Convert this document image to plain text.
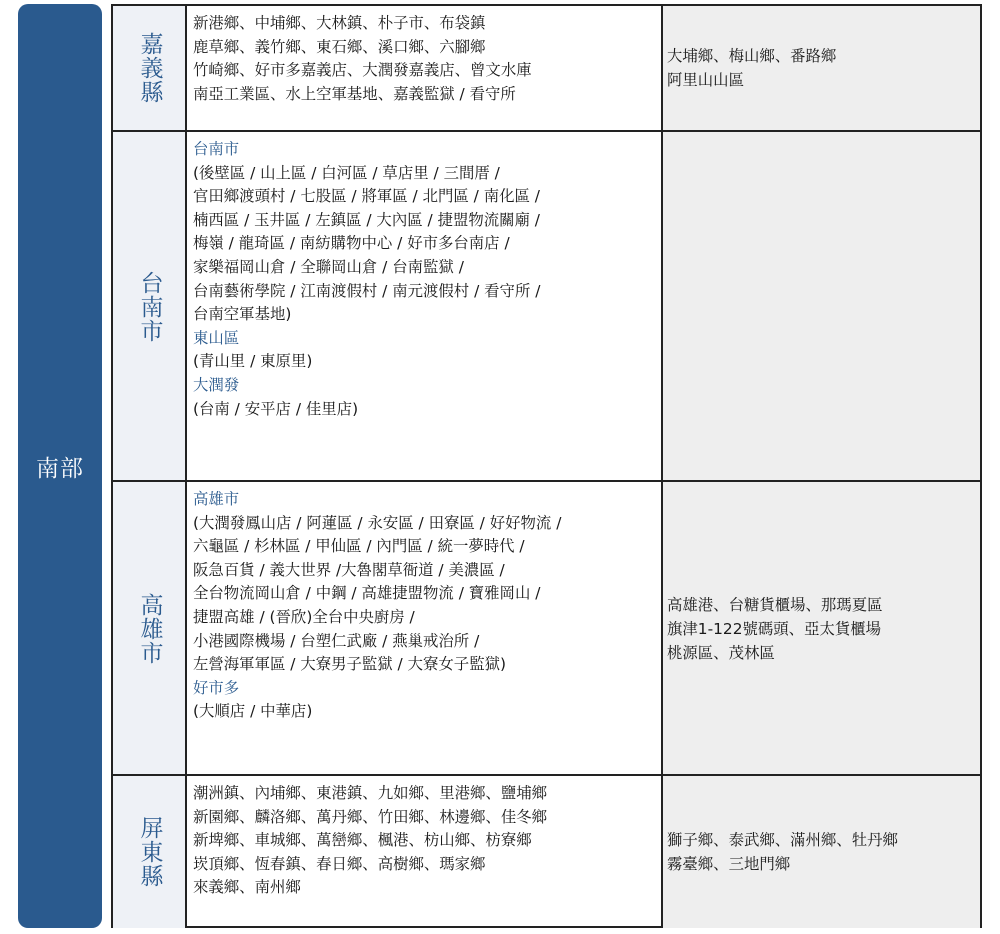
南部
嘉義縣
新港鄉、中埔鄉、大林鎮、朴子市、布袋鎮
鹿草鄉、義竹鄉、東石鄉、溪口鄉、六腳鄉
竹崎鄉、好市多嘉義店、大潤發嘉義店、曾文水庫
南亞工業區、水上空軍基地、嘉義監獄 / 看守所
大埔鄉、梅山鄉、番路鄉
阿里山山區
台南市
台南市
(後壁區 / 山上區 / 白河區 / 草店里 / 三間厝 /
官田鄉渡頭村 / 七股區 / 將軍區 / 北門區 / 南化區 /
楠西區 / 玉井區 / 左鎮區 / 大內區 / 捷盟物流關廟 /
梅嶺 / 龍琦區 / 南紡購物中心 / 好市多台南店 /
家樂福岡山倉 / 全聯岡山倉 / 台南監獄 /
台南藝術學院 / 江南渡假村 / 南元渡假村 / 看守所 /
台南空軍基地)
東山區
(青山里 / 東原里)
大潤發
(台南 / 安平店 / 佳里店)
高雄市
高雄市
(大潤發鳳山店 / 阿蓮區 / 永安區 / 田寮區 / 好好物流 /
六龜區 / 杉林區 / 甲仙區 / 內門區 / 統一夢時代 /
阪急百貨 / 義大世界 /大魯閣草衙道 / 美濃區 /
全台物流岡山倉 / 中鋼 / 高雄捷盟物流 / 寶雅岡山 /
捷盟高雄 / (晉欣)全台中央廚房 /
小港國際機場 / 台塑仁武廠 / 燕巢戒治所 /
左營海軍軍區 / 大寮男子監獄 / 大寮女子監獄)
好市多
(大順店 / 中華店)
高雄港、台糖貨櫃場、那瑪夏區
旗津1-122號碼頭、亞太貨櫃場
桃源區、茂林區
屏東縣
潮洲鎮、內埔鄉、東港鎮、九如鄉、里港鄉、鹽埔鄉
新園鄉、麟洛鄉、萬丹鄉、竹田鄉、林邊鄉、佳冬鄉
新埤鄉、車城鄉、萬巒鄉、楓港、枋山鄉、枋寮鄉
崁頂鄉、恆春鎮、春日鄉、高樹鄉、瑪家鄉
來義鄉、南州鄉
獅子鄉、泰武鄉、滿州鄉、牡丹鄉
霧臺鄉、三地門鄉
